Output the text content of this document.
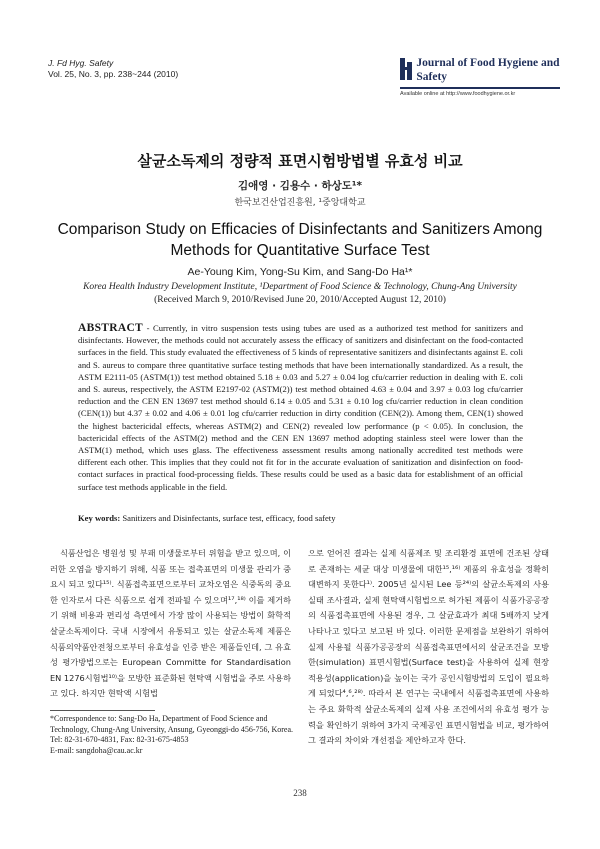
J. Fd Hyg. Safety
Vol. 25, No. 3, pp. 238~244 (2010)
Journal of Food Hygiene and Safety
Available online at http://www.foodhygiene.or.kr
살균소독제의 정량적 표면시험방법별 유효성 비교
김애영 · 김용수 · 하상도¹*
한국보건산업진흥원, ¹중앙대학교
Comparison Study on Efficacies of Disinfectants and Sanitizers Among Methods for Quantitative Surface Test
Ae-Young Kim, Yong-Su Kim, and Sang-Do Ha¹*
Korea Health Industry Development Institute, ¹Department of Food Science & Technology, Chung-Ang University
(Received March 9, 2010/Revised June 20, 2010/Accepted August 12, 2010)
ABSTRACT - Currently, in vitro suspension tests using tubes are used as a authorized test method for sanitizers and disinfectants. However, the methods could not accurately assess the efficacy of sanitizers and disinfectant on the food-contacted surfaces in the field. This study evaluated the effectiveness of 5 kinds of representative sanitizers and disinfectants against E. coli and S. aureus to compare three quantitative surface testing methods that have been internationally standardized. As a result, the ASTM E2111-05 (ASTM(1)) test method obtained 5.18 ± 0.03 and 5.27 ± 0.04 log cfu/carrier reduction in dealing with E. coli and S. aureus, respectively, the ASTM E2197-02 (ASTM(2)) test method obtained 4.63 ± 0.04 and 3.97 ± 0.03 log cfu/carrier reduction and the CEN EN 13697 test method should 6.14 ± 0.05 and 5.31 ± 0.10 log cfu/carrier reduction in clean condition (CEN(1)) but 4.37 ± 0.02 and 4.06 ± 0.01 log cfu/carrier reduction in dirty condition (CEN(2)). Among them, CEN(1) showed the highest bactericidal effects, whereas ASTM(2) and CEN(2) revealed low performance (p < 0.05). In conclusion, the bactericidal effects of the ASTM(2) method and the CEN EN 13697 method adopting stainless steel were lower than the ASTM(1) method, which uses glass. The effectiveness assessment results among nationally accredited test methods were different each other. This implies that they could not fit for in the accurate evaluation of sanitization and disinfection on food-contact surfaces in practical food-processing fields. These results could be used as a basic data for establishment of an official surface test methods applicable in the field.
Key words: Sanitizers and Disinfectants, surface test, efficacy, food safety
식품산업은 병원성 및 부패 미생물로부터 위험을 받고 있으며, 이러한 오염을 방지하기 위해, 식품 또는 접촉표면의 미생물 관리가 중요시 되고 있다¹⁵⁾. 식품접촉표면으로부터 교차오염은 식중독의 중요한 인자로서 다른 식품으로 쉽게 전파될 수 있으며¹⁷,¹⁸⁾ 이를 제거하기 위해 비용과 편리성 측면에서 가장 많이 사용되는 방법이 화학적 살균소독제이다. 국내 시장에서 유통되고 있는 살균소독제 제품은 식품의약품안전청으로부터 유효성을 인증 받은 제품들인데, 그 유효성 평가방법으로는 European Committe for Standardisation EN 1276시험법¹⁰⁾을 모방한 표준화된 현탁액 시험법을 주로 사용하고 있다. 하지만 현탁액 시험법
으로 얻어진 결과는 실제 식품제조 및 조리환경 표면에 건조된 상태로 존재하는 세균 대상 미생물에 대한¹⁵,¹⁶⁾ 제품의 유효성을 정확히 대변하지 못한다¹⁾. 2005년 실시된 Lee 등²⁴⁾의 살균소독제의 사용실태 조사결과, 실제 현탁액시험법으로 허가된 제품이 식품가공공장의 식품접촉표면에 사용된 경우, 그 살균효과가 최대 5배까지 낮게 나타나고 있다고 보고된 바 있다. 이러한 문제점을 보완하기 위하여 실제 사용될 식품가공공장의 식품접촉표면에서의 살균조건을 모방한(simulation) 표면시험법(Surface test)을 사용하여 실제 현장 적용성(application)을 높이는 국가 공인시험방법의 도입이 필요하게 되었다⁴,⁶,²⁸⁾. 따라서 본 연구는 국내에서 식품접촉표면에 사용하는 주요 화학적 살균소독제의 실제 사용 조건에서의 유효성 평가 능력을 확인하기 위하여 3가지 국제공인 표면시험법을 비교, 평가하여 그 결과의 차이와 개선점을 제안하고자 한다.
*Correspondence to: Sang-Do Ha, Department of Food Science and Technology, Chung-Ang University, Ansung, Gyeonggi-do 456-756, Korea. Tel: 82-31-670-4831, Fax: 82-31-675-4853
E-mail: sangdoha@cau.ac.kr
238
